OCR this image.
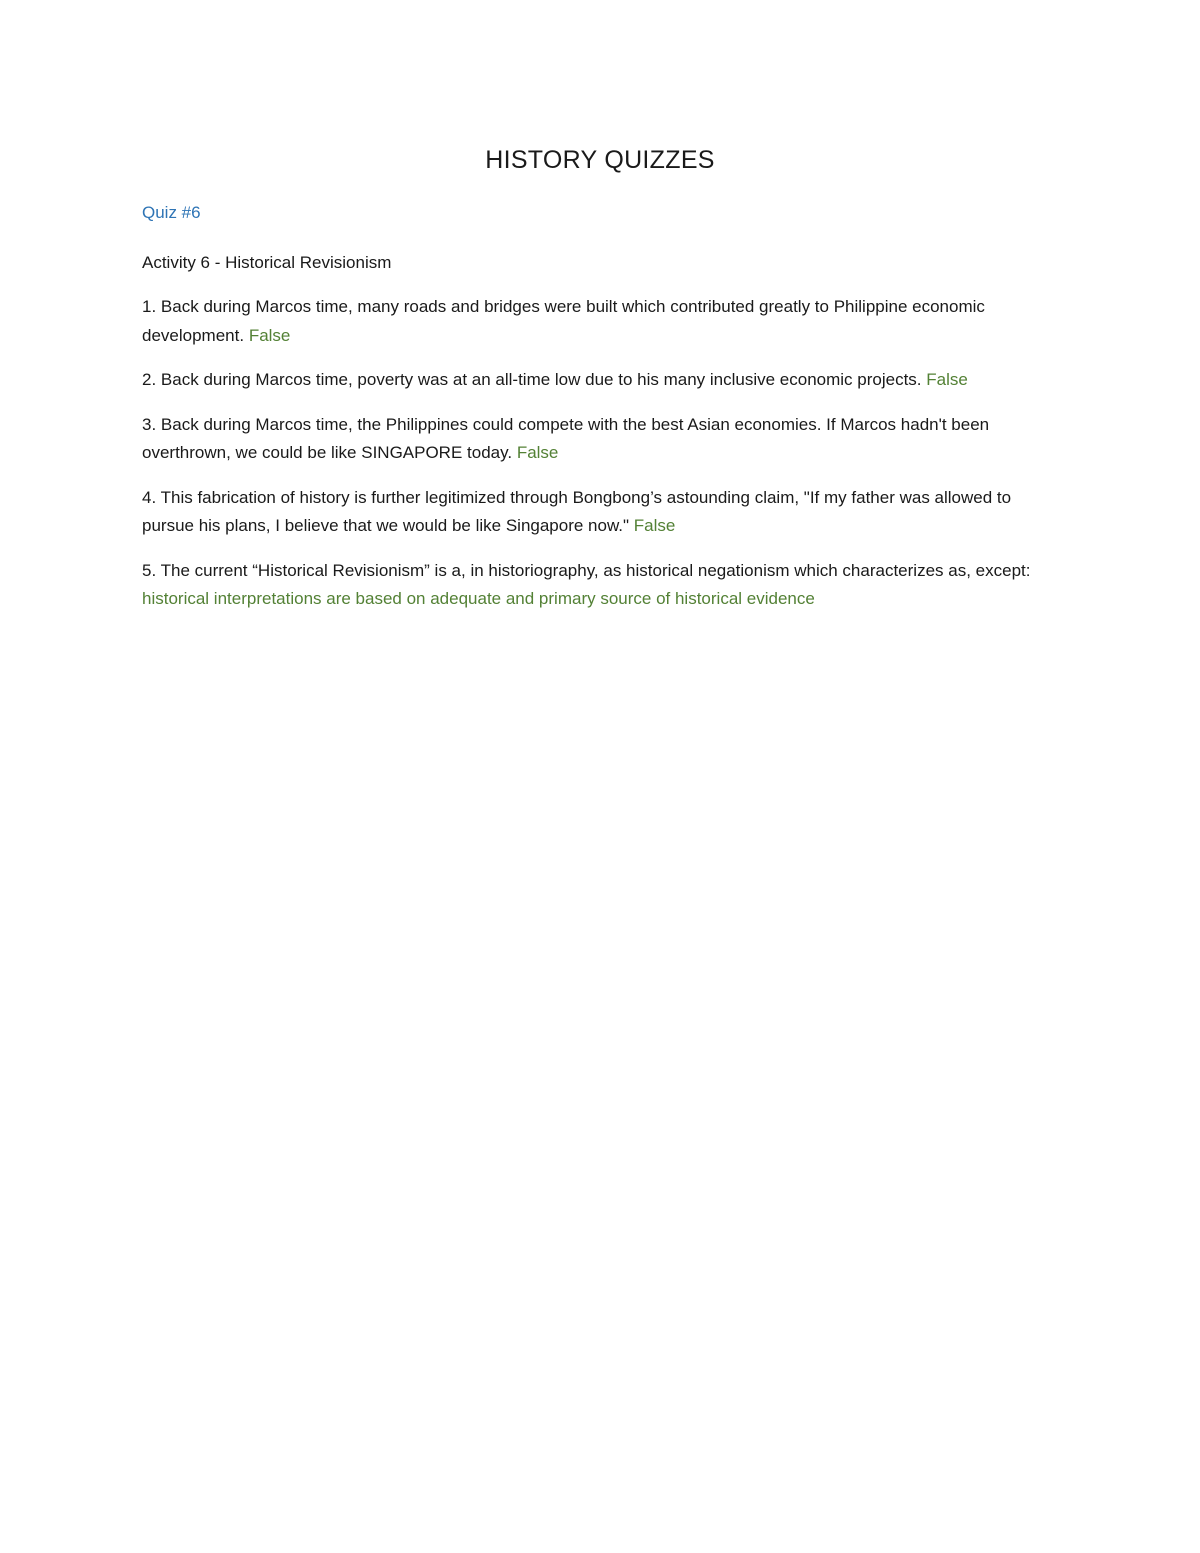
HISTORY QUIZZES

Quiz #6

Activity 6 - Historical Revisionism

1. Back during Marcos time, many roads and bridges were built which contributed greatly to Philippine economic development. False

2. Back during Marcos time, poverty was at an all-time low due to his many inclusive economic projects. False

3. Back during Marcos time, the Philippines could compete with the best Asian economies. If Marcos hadn't been overthrown, we could be like SINGAPORE today. False

4. This fabrication of history is further legitimized through Bongbong’s astounding claim, "If my father was allowed to pursue his plans, I believe that we would be like Singapore now." False

5. The current “Historical Revisionism” is a, in historiography, as historical negationism which characterizes as, except: historical interpretations are based on adequate and primary source of historical evidence
